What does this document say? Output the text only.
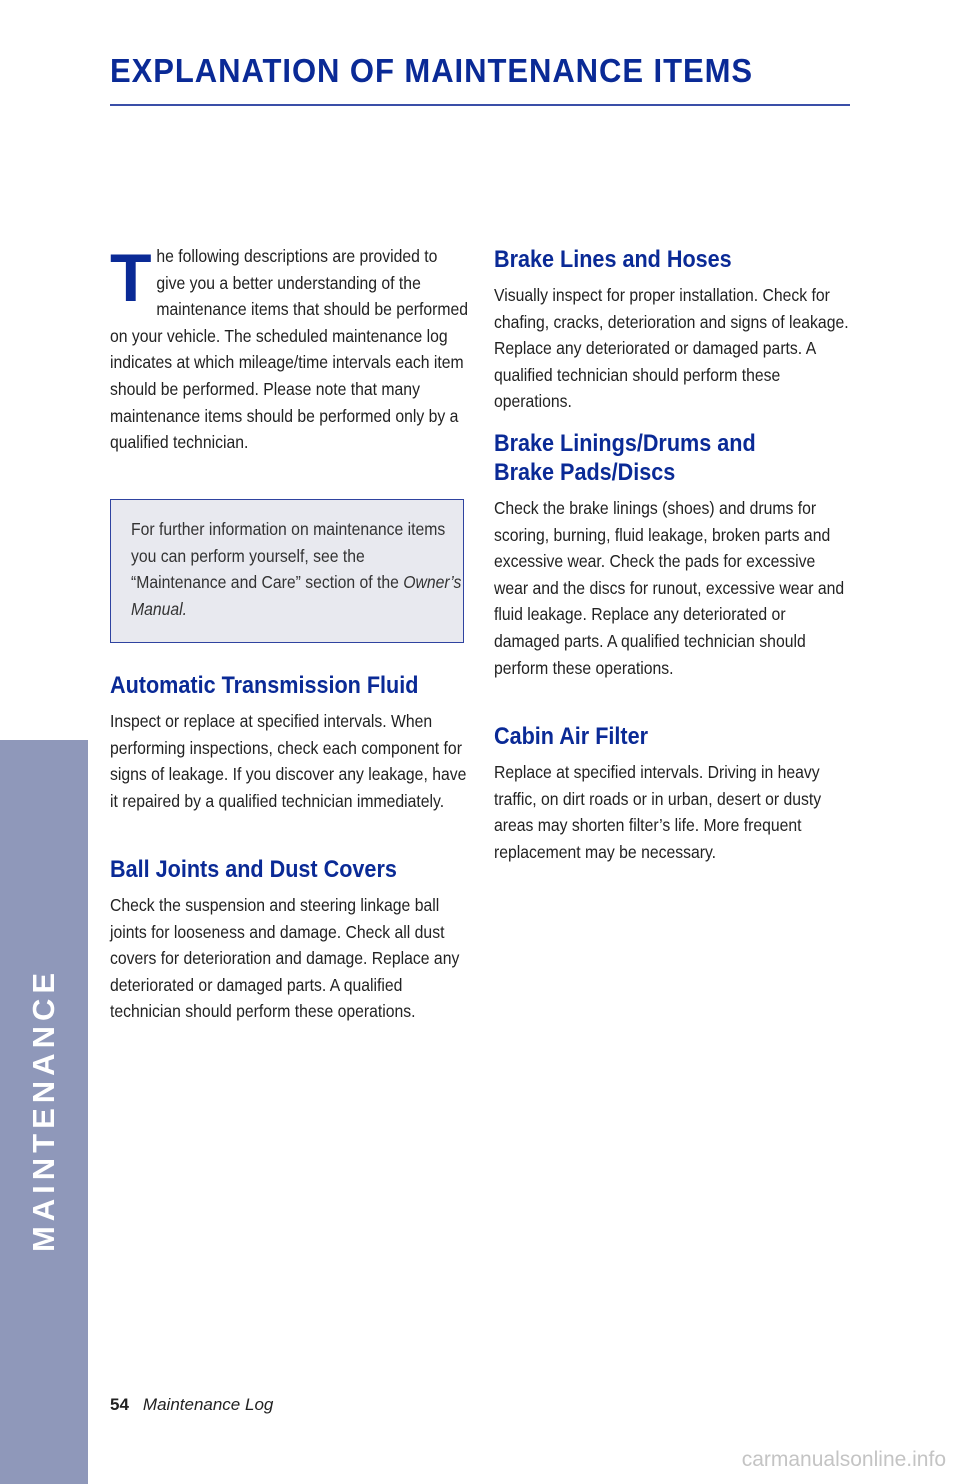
EXPLANATION OF MAINTENANCE ITEMS
MAINTENANCE
T he following descriptions are provided to give you a better understanding of the maintenance items that should be performed on your vehicle. The scheduled maintenance log indicates at which mileage/time intervals each item should be performed. Please note that many maintenance items should be performed only by a qualified technician.

For further information on maintenance items you can perform yourself, see the “Maintenance and Care” section of the Owner’s Manual.

Automatic Transmission Fluid

Inspect or replace at specified intervals. When performing inspections, check each component for signs of leakage. If you discover any leakage, have it repaired by a qualified technician immediately.

Ball Joints and Dust Covers

Check the suspension and steering linkage ball joints for looseness and damage. Check all dust covers for deterioration and damage. Replace any deteriorated or damaged parts. A qualified technician should perform these operations.

Brake Lines and Hoses

Visually inspect for proper installation. Check for chafing, cracks, deterioration and signs of leakage. Replace any deteriorated or damaged parts. A qualified technician should perform these operations.

Brake Linings/Drums and Brake Pads/Discs

Check the brake linings (shoes) and drums for scoring, burning, fluid leakage, broken parts and excessive wear. Check the pads for excessive wear and the discs for runout, excessive wear and fluid leakage. Replace any deteriorated or damaged parts. A qualified technician should perform these operations.

Cabin Air Filter

Replace at specified intervals. Driving in heavy traffic, on dirt roads or in urban, desert or dusty areas may shorten filter’s life. More frequent replacement may be necessary.

54 Maintenance Log
carmanualsonline.info
